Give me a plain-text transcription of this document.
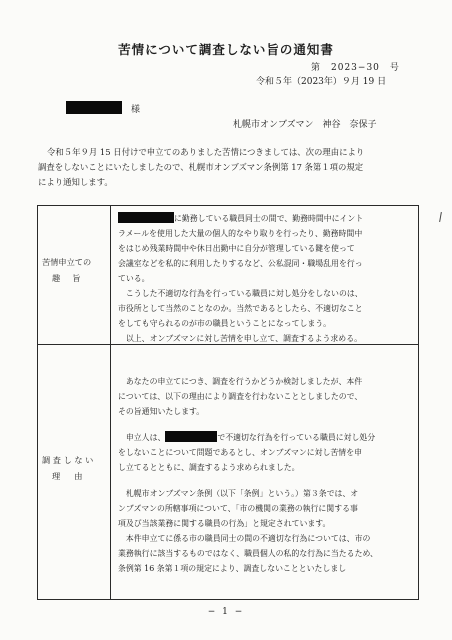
苦情について調査しない旨の通知書
第　2023−30　号
令和５年（2023年）９月 19 日
様
札幌市オンブズマン　神谷　奈保子

令和５年９月 15 日付けで申立てのありました苦情につきましては、次の理由により

調査をしないことにいたしましたので、札幌市オンブズマン条例第 17 条第１項の規定

により通知します。

苦情申立ての
趣旨

に勤務している職員同士の間で、勤務時間中にイント

ラメールを使用した大量の個人的なやり取りを行ったり、勤務時間中

をはじめ残業時間中や休日出勤中に自分が管理している鍵を使って

会議室などを私的に利用したりするなど、公私混同・職場乱用を行っ

ている。

　こうした不適切な行為を行っている職員に対し処分をしないのは、

市役所として当然のことなのか。当然であるとしたら、不適切なこと

をしても守られるのが市の職員ということになってしまう。

　以上、オンブズマンに対し苦情を申し立て、調査するよう求める。

調 査 し な い
理由

　あなたの申立てにつき、調査を行うかどうか検討しましたが、本件

については、以下の理由により調査を行わないこととしましたので、

その旨通知いたします。

　申立人は、	で不適切な行為を行っている職員に対し処分

をしないことについて問題であるとし、オンブズマンに対し苦情を申

し立てるとともに、調査するよう求められました。

　札幌市オンブズマン条例（以下「条例」という。）第３条では、オ

ンブズマンの所轄事項について、「市の機関の業務の執行に関する事

項及び当該業務に関する職員の行為」と規定されています。

　本件申立てに係る市の職員同士の間の不適切な行為については、市の

業務執行に該当するものではなく、職員個人の私的な行為に当たるため、

条例第 16 条第１項の規定により、調査しないことといたしまし

− 1 −
